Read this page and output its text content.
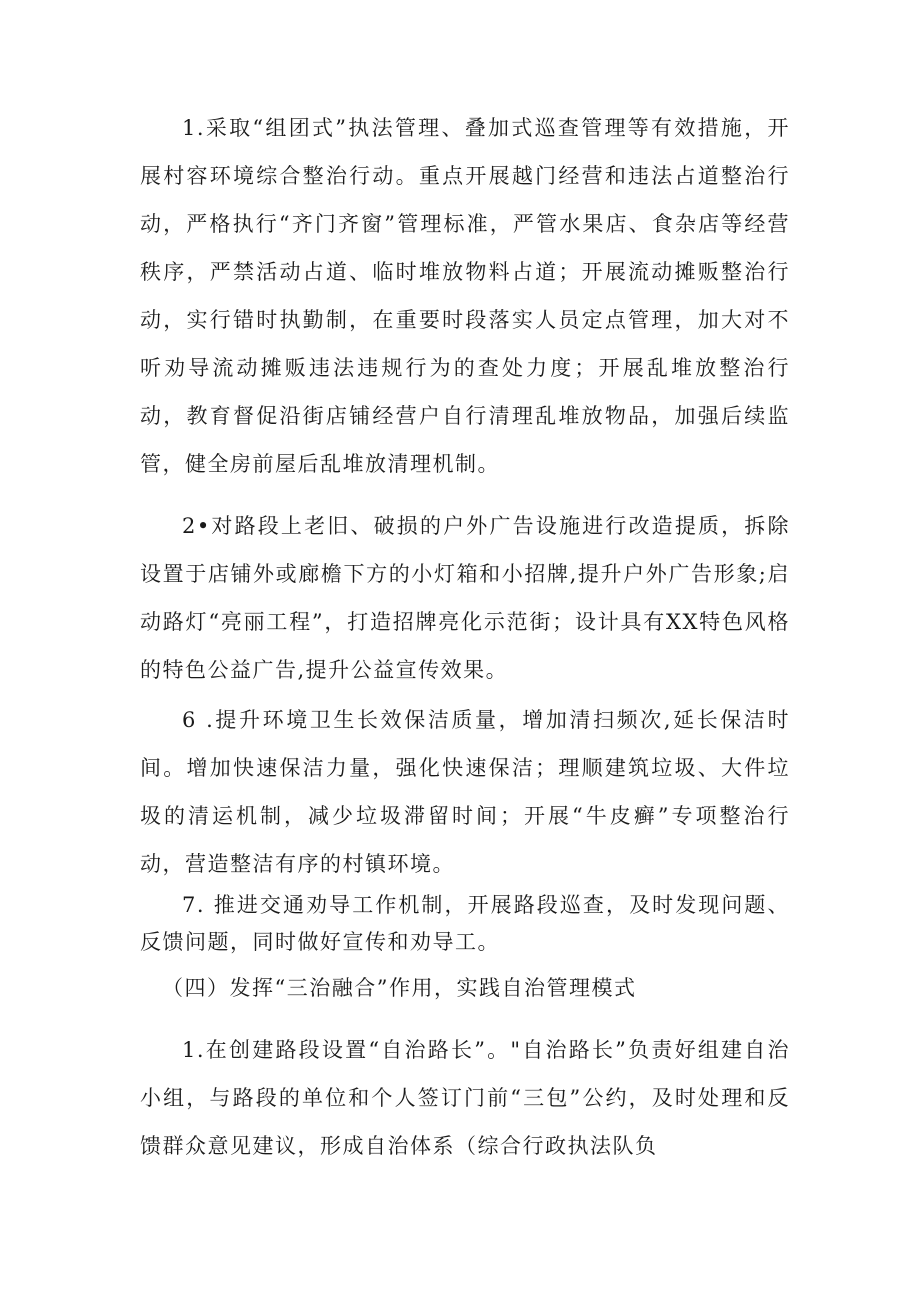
1.采取“组团式”执法管理、叠加式巡查管理等有效措施，开展村容环境综合整治行动。重点开展越门经营和违法占道整治行动，严格执行“齐门齐窗”管理标准，严管水果店、食杂店等经营秩序，严禁活动占道、临时堆放物料占道；开展流动摊贩整治行动，实行错时执勤制，在重要时段落实人员定点管理，加大对不听劝导流动摊贩违法违规行为的查处力度；开展乱堆放整治行动，教育督促沿街店铺经营户自行清理乱堆放物品，加强后续监管，健全房前屋后乱堆放清理机制。

2•对路段上老旧、破损的户外广告设施进行改造提质，拆除设置于店铺外或廊檐下方的小灯箱和小招牌,提升户外广告形象;启动路灯“亮丽工程”，打造招牌亮化示范街；设计具有XX特色风格的特色公益广告,提升公益宣传效果。

6 .提升环境卫生长效保洁质量，增加清扫频次,延长保洁时间。增加快速保洁力量，强化快速保洁；理顺建筑垃圾、大件垃圾的清运机制，减少垃圾滞留时间；开展“牛皮癣”专项整治行动，营造整洁有序的村镇环境。

7. 推进交通劝导工作机制，开展路段巡查，及时发现问题、反馈问题，同时做好宣传和劝导工。

（四）发挥“三治融合”作用，实践自治管理模式

1.在创建路段设置“自治路长”。"自治路长”负责好组建自治小组，与路段的单位和个人签订门前“三包”公约，及时处理和反馈群众意见建议，形成自治体系（综合行政执法队负
